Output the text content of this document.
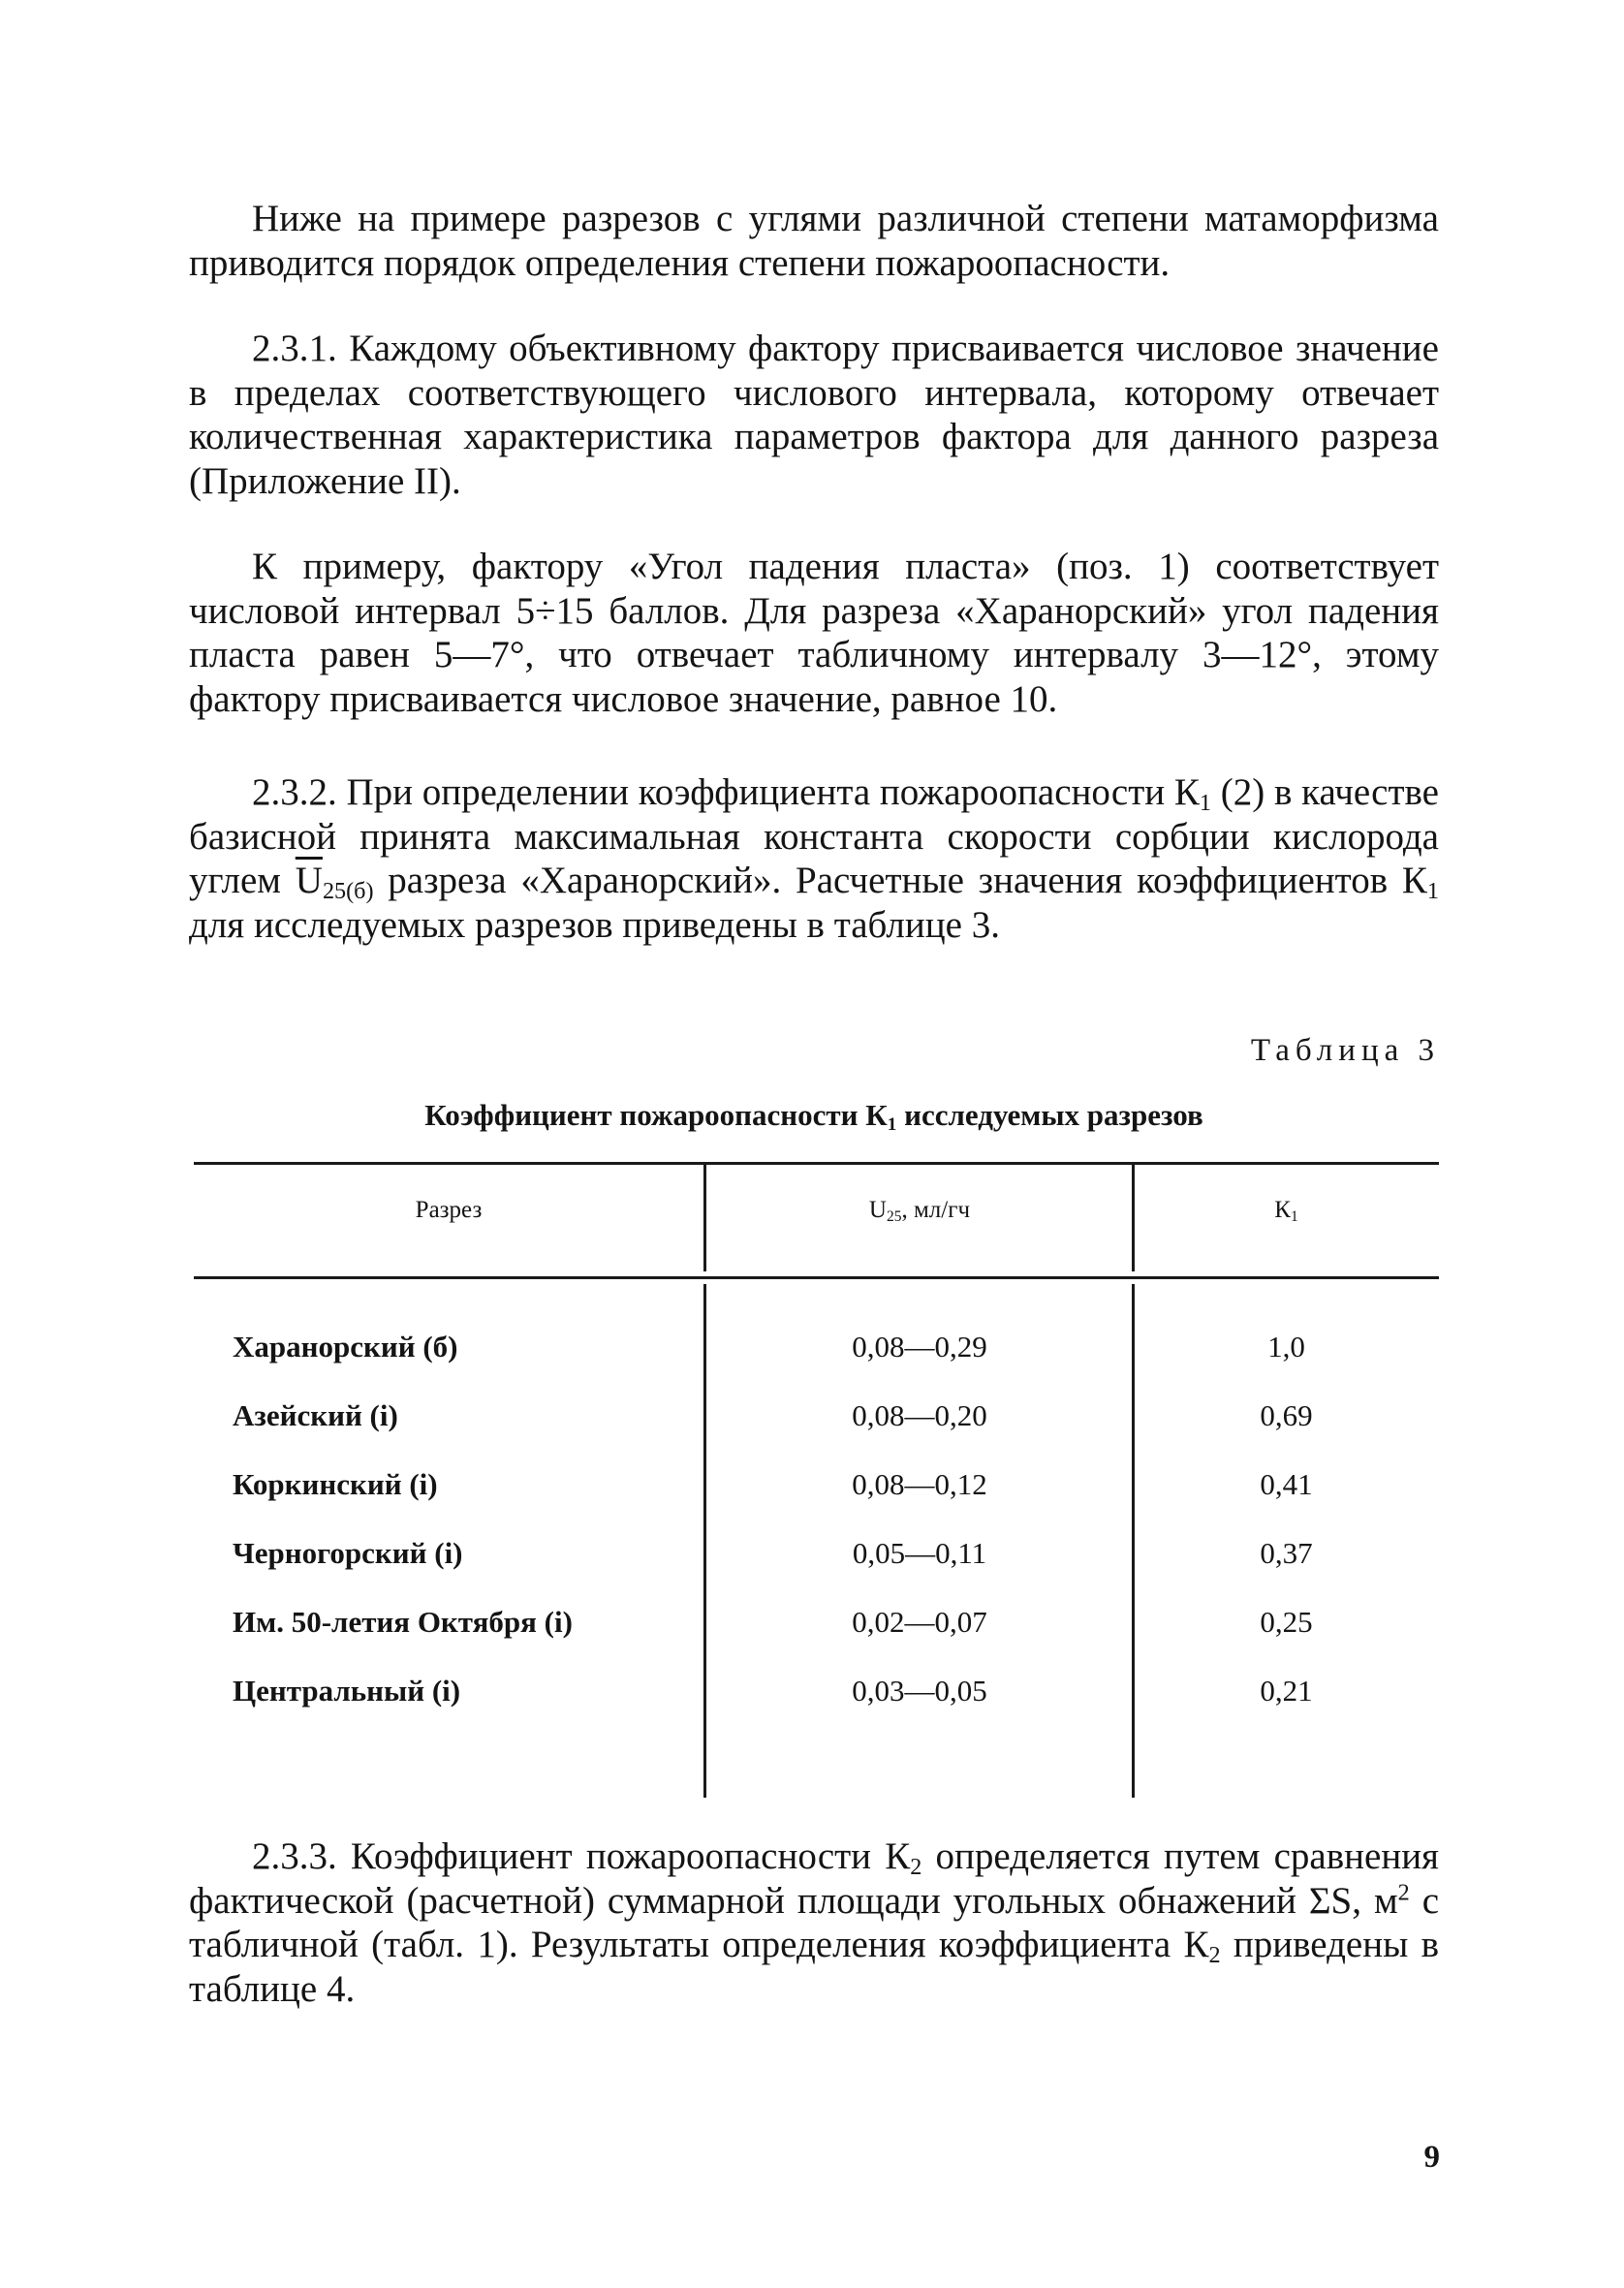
Ниже на примере разрезов с углями различной степени матаморфизма приводится порядок определения степени пожароопасности.

2.3.1. Каждому объективному фактору присваивается числовое значение в пределах соответствующего числового интервала, которому отвечает количественная характеристика параметров фактора для данного разреза (Приложение II).

К примеру, фактору «Угол падения пласта» (поз. 1) соответствует числовой интервал 5÷15 баллов. Для разреза «Харанорский» угол падения пласта равен 5—7°, что отвечает табличному интервалу 3—12°, этому фактору присваивается числовое значение, равное 10.

2.3.2. При определении коэффициента пожароопасности $К_1$ (2) в качестве базисной принята максимальная константа скорости сорбции кислорода углем $\overline{U}_{25(б)}$ разреза «Харанорский». Расчетные значения коэффициентов $К_1$ для исследуемых разрезов приведены в таблице 3.

Таблица 3
Коэффициент пожароопасности $К_1$ исследуемых разрезов
Разрез	$U_{25}$, мл/гч	$К_1$
Харанорский (б)	0,08—0,29	1,0
Азейский (i)	0,08—0,20	0,69
Коркинский (i)	0,08—0,12	0,41
Черногорский (i)	0,05—0,11	0,37
Им. 50-летия Октября (i)	0,02—0,07	0,25
Центральный (i)	0,03—0,05	0,21

2.3.3. Коэффициент пожароопасности $К_2$ определяется путем сравнения фактической (расчетной) суммарной площади угольных обнажений ΣS, $м^2$ с табличной (табл. 1). Результаты определения коэффициента $К_2$ приведены в таблице 4.

9
